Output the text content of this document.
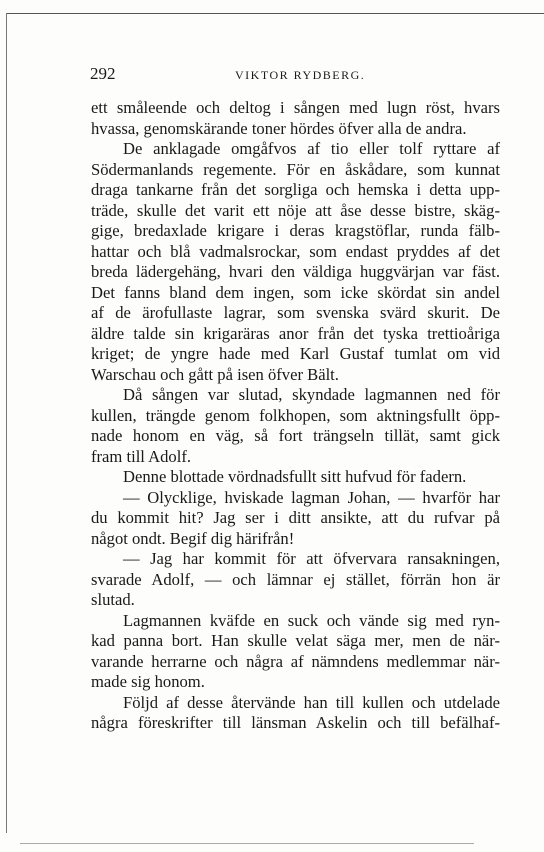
292	VIKTOR RYDBERG.
ett småleende och deltog i sången med lugn röst, hvars
hvassa, genomskärande toner hördes öfver alla de andra.
De anklagade omgåfvos af tio eller tolf ryttare af
Södermanlands regemente. För en åskådare, som kunnat
draga tankarne från det sorgliga och hemska i detta upp-
träde, skulle det varit ett nöje att åse desse bistre, skäg-
gige, bredaxlade krigare i deras kragstöflar, runda fälb-
hattar och blå vadmalsrockar, som endast pryddes af det
breda lädergehäng, hvari den väldiga huggvärjan var fäst.
Det fanns bland dem ingen, som icke skördat sin andel
af de ärofullaste lagrar, som svenska svärd skurit. De
äldre talde sin krigaräras anor från det tyska trettioåriga
kriget; de yngre hade med Karl Gustaf tumlat om vid
Warschau och gått på isen öfver Bält.
Då sången var slutad, skyndade lagmannen ned för
kullen, trängde genom folkhopen, som aktningsfullt öpp-
nade honom en väg, så fort trängseln tillät, samt gick
fram till Adolf.
Denne blottade vördnadsfullt sitt hufvud för fadern.
— Olycklige, hviskade lagman Johan, — hvarför har
du kommit hit? Jag ser i ditt ansikte, att du rufvar på
något ondt. Begif dig härifrån!
— Jag har kommit för att öfvervara ransakningen,
svarade Adolf, — och lämnar ej stället, förrän hon är
slutad.
Lagmannen kväfde en suck och vände sig med ryn-
kad panna bort. Han skulle velat säga mer, men de när-
varande herrarne och några af nämndens medlemmar när-
made sig honom.
Följd af desse återvände han till kullen och utdelade
några föreskrifter till länsman Askelin och till befälhaf-
